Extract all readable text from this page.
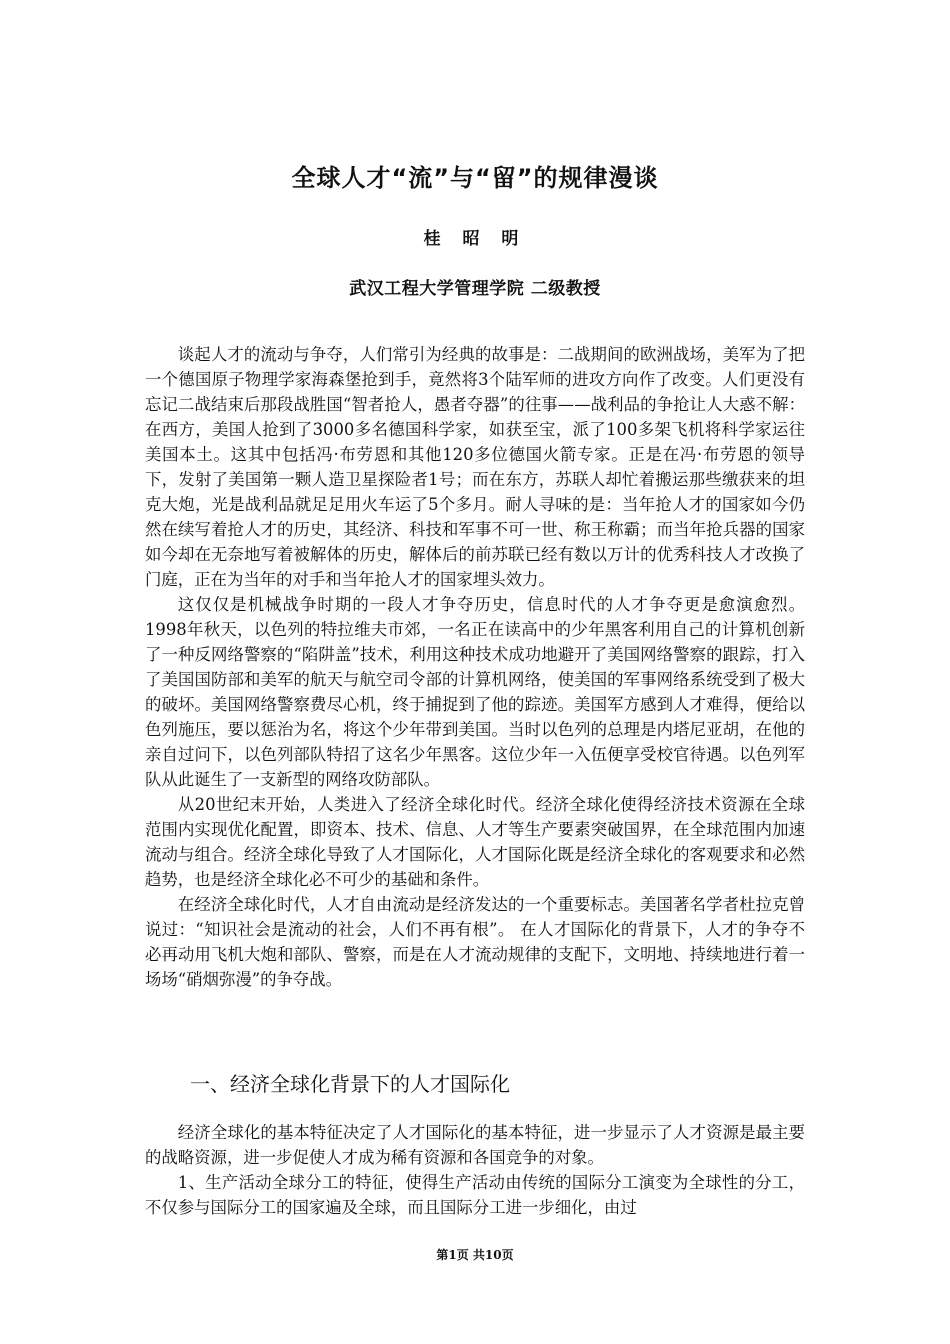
全球人才“流”与“留”的规律漫谈
桂 昭 明
武汉工程大学管理学院 二级教授

谈起人才的流动与争夺，人们常引为经典的故事是：二战期间的欧洲战场，美军为了把一个德国原子物理学家海森堡抢到手，竟然将3个陆军师的进攻方向作了改变。人们更没有忘记二战结束后那段战胜国“智者抢人，愚者夺器”的往事——战利品的争抢让人大惑不解：在西方，美国人抢到了3000多名德国科学家，如获至宝，派了100多架飞机将科学家运往美国本土。这其中包括冯·布劳恩和其他120多位德国火箭专家。正是在冯·布劳恩的领导下，发射了美国第一颗人造卫星探险者1号；而在东方，苏联人却忙着搬运那些缴获来的坦克大炮，光是战利品就足足用火车运了5个多月。耐人寻味的是：当年抢人才的国家如今仍然在续写着抢人才的历史，其经济、科技和军事不可一世、称王称霸；而当年抢兵器的国家如今却在无奈地写着被解体的历史，解体后的前苏联已经有数以万计的优秀科技人才改换了门庭，正在为当年的对手和当年抢人才的国家埋头效力。

这仅仅是机械战争时期的一段人才争夺历史，信息时代的人才争夺更是愈演愈烈。1998年秋天，以色列的特拉维夫市郊，一名正在读高中的少年黑客利用自己的计算机创新了一种反网络警察的“陷阱盖”技术，利用这种技术成功地避开了美国网络警察的跟踪，打入了美国国防部和美军的航天与航空司令部的计算机网络，使美国的军事网络系统受到了极大的破坏。美国网络警察费尽心机，终于捕捉到了他的踪迹。美国军方感到人才难得，便给以色列施压，要以惩治为名，将这个少年带到美国。当时以色列的总理是内塔尼亚胡，在他的亲自过问下，以色列部队特招了这名少年黑客。这位少年一入伍便享受校官待遇。以色列军队从此诞生了一支新型的网络攻防部队。

从20世纪末开始，人类进入了经济全球化时代。经济全球化使得经济技术资源在全球范围内实现优化配置，即资本、技术、信息、人才等生产要素突破国界，在全球范围内加速流动与组合。经济全球化导致了人才国际化，人才国际化既是经济全球化的客观要求和必然趋势，也是经济全球化必不可少的基础和条件。

在经济全球化时代，人才自由流动是经济发达的一个重要标志。美国著名学者杜拉克曾说过：“知识社会是流动的社会，人们不再有根”。 在人才国际化的背景下，人才的争夺不必再动用飞机大炮和部队、警察，而是在人才流动规律的支配下，文明地、持续地进行着一场场“硝烟弥漫”的争夺战。

一、经济全球化背景下的人才国际化

经济全球化的基本特征决定了人才国际化的基本特征，进一步显示了人才资源是最主要的战略资源，进一步促使人才成为稀有资源和各国竞争的对象。

1、生产活动全球分工的特征，使得生产活动由传统的国际分工演变为全球性的分工，不仅参与国际分工的国家遍及全球，而且国际分工进一步细化，由过

第1页 共10页
